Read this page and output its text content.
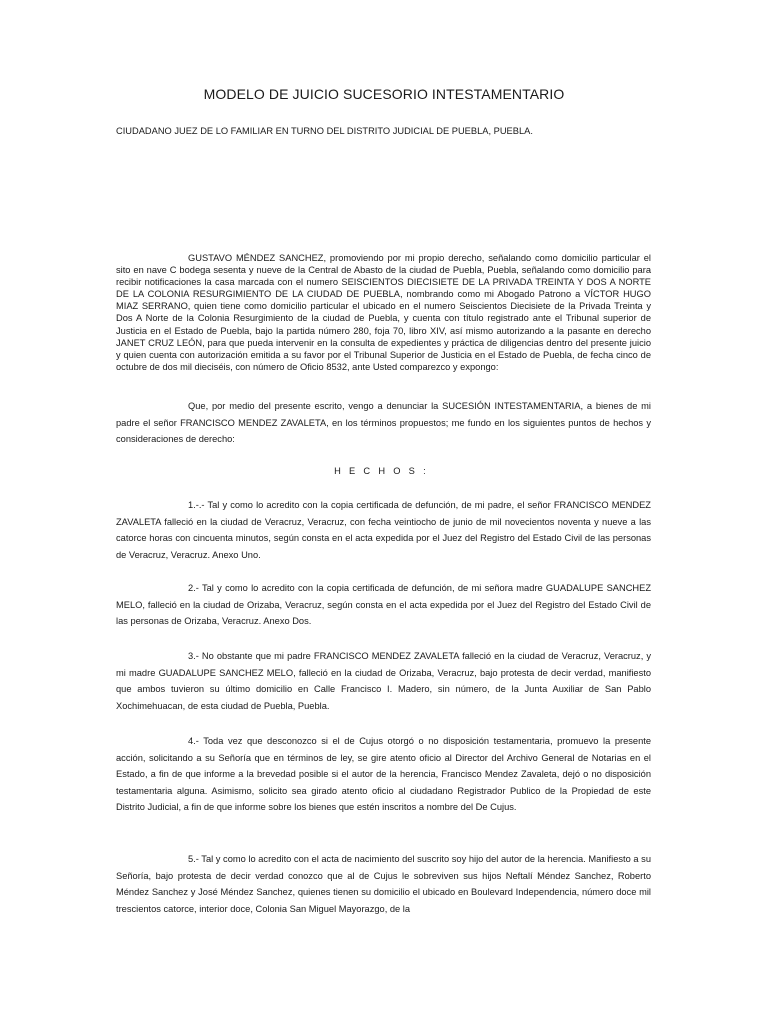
MODELO DE JUICIO SUCESORIO INTESTAMENTARIO
CIUDADANO JUEZ DE LO FAMILIAR EN TURNO DEL DISTRITO JUDICIAL DE PUEBLA, PUEBLA.
GUSTAVO MÉNDEZ SANCHEZ, promoviendo por mi propio derecho, señalando como domicilio particular el sito en nave C bodega sesenta y nueve de la Central de Abasto de la ciudad de Puebla, Puebla, señalando como domicilio para recibir notificaciones la casa marcada con el numero SEISCIENTOS DIECISIETE DE LA PRIVADA TREINTA Y DOS A NORTE DE LA COLONIA RESURGIMIENTO DE LA CIUDAD DE PUEBLA, nombrando como mi Abogado Patrono a VÍCTOR HUGO MIAZ SERRANO, quien tiene como domicilio particular el ubicado en el numero Seiscientos Diecisiete de la Privada Treinta y Dos A Norte de la Colonia Resurgimiento de la ciudad de Puebla, y cuenta con título registrado ante el Tribunal superior de Justicia en el Estado de Puebla, bajo la partida número 280, foja 70, libro XIV, así mismo autorizando a la pasante en derecho JANET CRUZ LEÓN, para que pueda intervenir en la consulta de expedientes y práctica de diligencias dentro del presente juicio y quien cuenta con autorización emitida a su favor por el Tribunal Superior de Justicia en el Estado de Puebla, de fecha cinco de octubre de dos mil dieciséis, con número de Oficio 8532, ante Usted comparezco y expongo:
Que, por medio del presente escrito, vengo a denunciar la SUCESIÓN INTESTAMENTARIA, a bienes de mi padre el señor FRANCISCO MENDEZ ZAVALETA, en los términos propuestos; me fundo en los siguientes puntos de hechos y consideraciones de derecho:
HECHOS:
1.-.- Tal y como lo acredito con la copia certificada de defunción, de mi padre, el señor FRANCISCO MENDEZ ZAVALETA falleció en la ciudad de Veracruz, Veracruz, con fecha veintiocho de junio de mil novecientos noventa y nueve a las catorce horas con cincuenta minutos, según consta en el acta expedida por el Juez del Registro del Estado Civil de las personas de Veracruz, Veracruz. Anexo Uno.
2.- Tal y como lo acredito con la copia certificada de defunción, de mi señora madre GUADALUPE SANCHEZ MELO, falleció en la ciudad de Orizaba, Veracruz, según consta en el acta expedida por el Juez del Registro del Estado Civil de las personas de Orizaba, Veracruz. Anexo Dos.
3.- No obstante que mi padre FRANCISCO MENDEZ ZAVALETA falleció en la ciudad de Veracruz, Veracruz, y mi madre GUADALUPE SANCHEZ MELO, falleció en la ciudad de Orizaba, Veracruz, bajo protesta de decir verdad, manifiesto que ambos tuvieron su último domicilio en Calle Francisco I. Madero, sin número, de la Junta Auxiliar de San Pablo Xochimehuacan, de esta ciudad de Puebla, Puebla.
4.- Toda vez que desconozco si el de Cujus otorgó o no disposición testamentaria, promuevo la presente acción, solicitando a su Señoría que en términos de ley, se gire atento oficio al Director del Archivo General de Notarias en el Estado, a fin de que informe a la brevedad posible si el autor de la herencia, Francisco Mendez Zavaleta, dejó o no disposición testamentaria alguna. Asimismo, solicito sea girado atento oficio al ciudadano Registrador Publico de la Propiedad de este Distrito Judicial, a fin de que informe sobre los bienes que estén inscritos a nombre del De Cujus.
5.- Tal y como lo acredito con el acta de nacimiento del suscrito soy hijo del autor de la herencia. Manifiesto a su Señoría, bajo protesta de decir verdad conozco que al de Cujus le sobreviven sus hijos Neftalí Méndez Sanchez, Roberto Méndez Sanchez y José Méndez Sanchez, quienes tienen su domicilio el ubicado en Boulevard Independencia, número doce mil trescientos catorce, interior doce, Colonia San Miguel Mayorazgo, de la
